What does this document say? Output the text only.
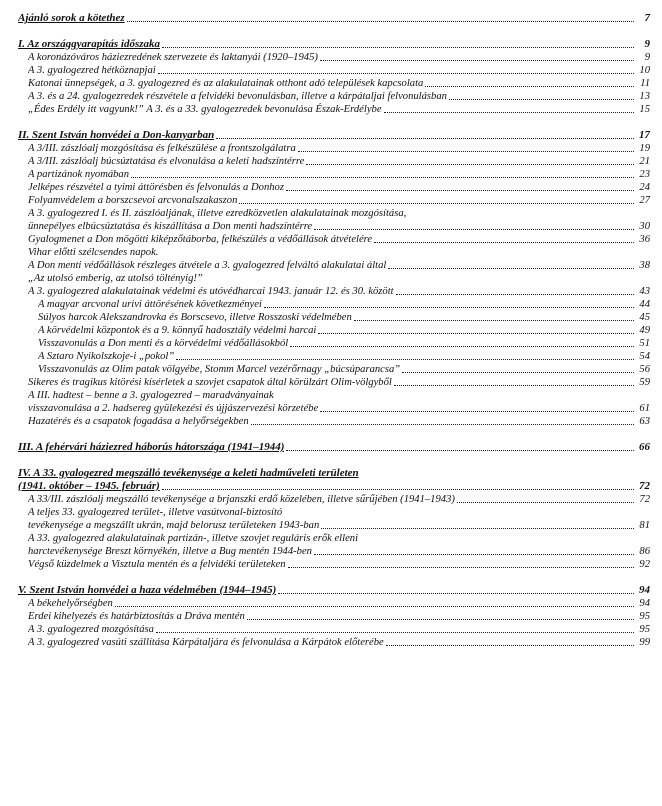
Ajánló sorok a kötethez	7
I. Az országgyarapítás időszaka	9
A koronázóváros háziezredének szervezete és laktanyái (1920–1945)	9
A 3. gyalogezred hétköznapjai	10
Katonai ünnepségek, a 3. gyalogezred és az alakulatainak otthont adó települések kapcsolata	11
A 3. és a 24. gyalogezredek részvétele a felvidéki bevonulásban, illetve a kárpátaljai felvonulásban	13
„Édes Erdély itt vagyunk!” A 3. és a 33. gyalogezredek bevonulása Észak-Erdélybe	15
II. Szent István honvédei a Don-kanyarban	17
A 3/III. zászlóalj mozgósítása és felkészülése a frontszolgálatra	19
A 3/III. zászlóalj búcsúztatása és elvonulása a keleti hadszíntérre	21
A partizánok nyomában	23
Jelképes részvétel a tyimi áttörésben és felvonulás a Donhoz	24
Folyamvédelem a borszcsevoi arcvonalszakaszon	27
A 3. gyalogezred I. és II. zászlóaljának, illetve ezredközvetlen alakulatainak mozgósítása,
ünnepélyes elbúcsúztatása és kiszállítása a Don menti hadszíntérre	30
Gyalogmenet a Don mögötti kiképzőtáborba, felkészülés a védőállások átvételére	36
Vihar előtti szélcsendes napok.
A Don menti védőállások részleges átvétele a 3. gyalogezred felváltó alakulatai által	38
„Az utolsó emberig, az utolsó töltényig!”
A 3. gyalogezred alakulatainak védelmi és utóvédharcai 1943. január 12. és 30. között	43
A magyar arcvonal urivi áttörésének következményei	44
Súlyos harcok Alekszandrovka és Borscsevo, illetve Rosszoski védelmében	45
A körvédelmi központok és a 9. könnyű hadosztály védelmi harcai	49
Visszavonulás a Don menti és a körvédelmi védőállásokból	51
A Sztaro Nyikolszkoje-i „pokol”	54
Visszavonulás az Olim patak völgyébe, Stomm Marcel vezérőrnagy „búcsúparancsa”	56
Sikeres és tragikus kitörési kísérletek a szovjet csapatok által körülzárt Olim-völgyből	59
A III. hadtest – benne a 3. gyalogezred – maradványainak
visszavonulása a 2. hadsereg gyülekezési és újjászervezési körzetébe	61
Hazatérés és a csapatok fogadása a helyőrségekben	63
III. A fehérvári háziezred háborús hátországa (1941–1944)	66
IV. A 33. gyalogezred megszálló tevékenysége a keleti hadműveleti területen
(1941. október – 1945. február)	72
A 33/III. zászlóalj megszálló tevékenysége a brjanszki erdő közelében, illetve sűrűjében (1941–1943)	72
A teljes 33. gyalogezred terület-, illetve vasútvonal-biztosító
tevékenysége a megszállt ukrán, majd belorusz területeken 1943-ban	81
A 33. gyalogezred alakulatainak partizán-, illetve szovjet reguláris erők elleni
harctevékenysége Breszt környékén, illetve a Bug mentén 1944-ben	86
Végső küzdelmek a Visztula mentén és a felvidéki területeken	92
V. Szent István honvédei a haza védelmében (1944–1945)	94
A békehelyőrségben	94
Erdei kihelyezés és határbiztosítás a Dráva mentén	95
A 3. gyalogezred mozgósítása	95
A 3. gyalogezred vasúti szállítása Kárpátaljára és felvonulása a Kárpátok előterébe	99
